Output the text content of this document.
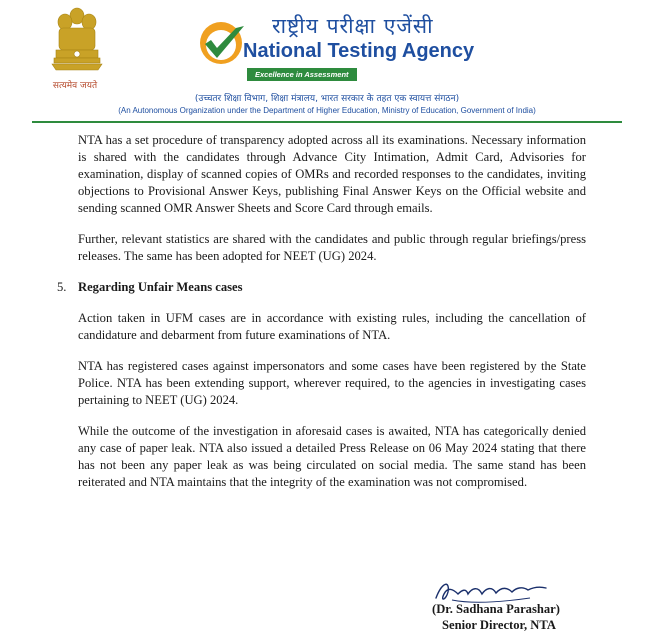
सत्यमेव जयते
राष्ट्रीय परीक्षा एजेंसी
National Testing Agency
Excellence in Assessment
(उच्चतर शिक्षा विभाग, शिक्षा मंत्रालय, भारत सरकार के तहत एक स्वायत्त संगठन)
(An Autonomous Organization under the Department of Higher Education, Ministry of Education, Government of India)

NTA has a set procedure of transparency adopted across all its examinations. Necessary information is shared with the candidates through Advance City Intimation, Admit Card, Advisories for examination, display of scanned copies of OMRs and recorded responses to the candidates, inviting objections to Provisional Answer Keys, publishing Final Answer Keys on the Official website and sending scanned OMR Answer Sheets and Score Card through emails.

Further, relevant statistics are shared with the candidates and public through regular briefings/press releases. The same has been adopted for NEET (UG) 2024.

5. Regarding Unfair Means cases

Action taken in UFM cases are in accordance with existing rules, including the cancellation of candidature and debarment from future examinations of NTA.

NTA has registered cases against impersonators and some cases have been registered by the State Police. NTA has been extending support, wherever required, to the agencies in investigating cases pertaining to NEET (UG) 2024.

While the outcome of the investigation in aforesaid cases is awaited, NTA has categorically denied any case of paper leak. NTA also issued a detailed Press Release on 06 May 2024 stating that there has not been any paper leak as was being circulated on social media. The same stand has been reiterated and NTA maintains that the integrity of the examination was not compromised.

(Dr. Sadhana Parashar)
Senior Director, NTA
